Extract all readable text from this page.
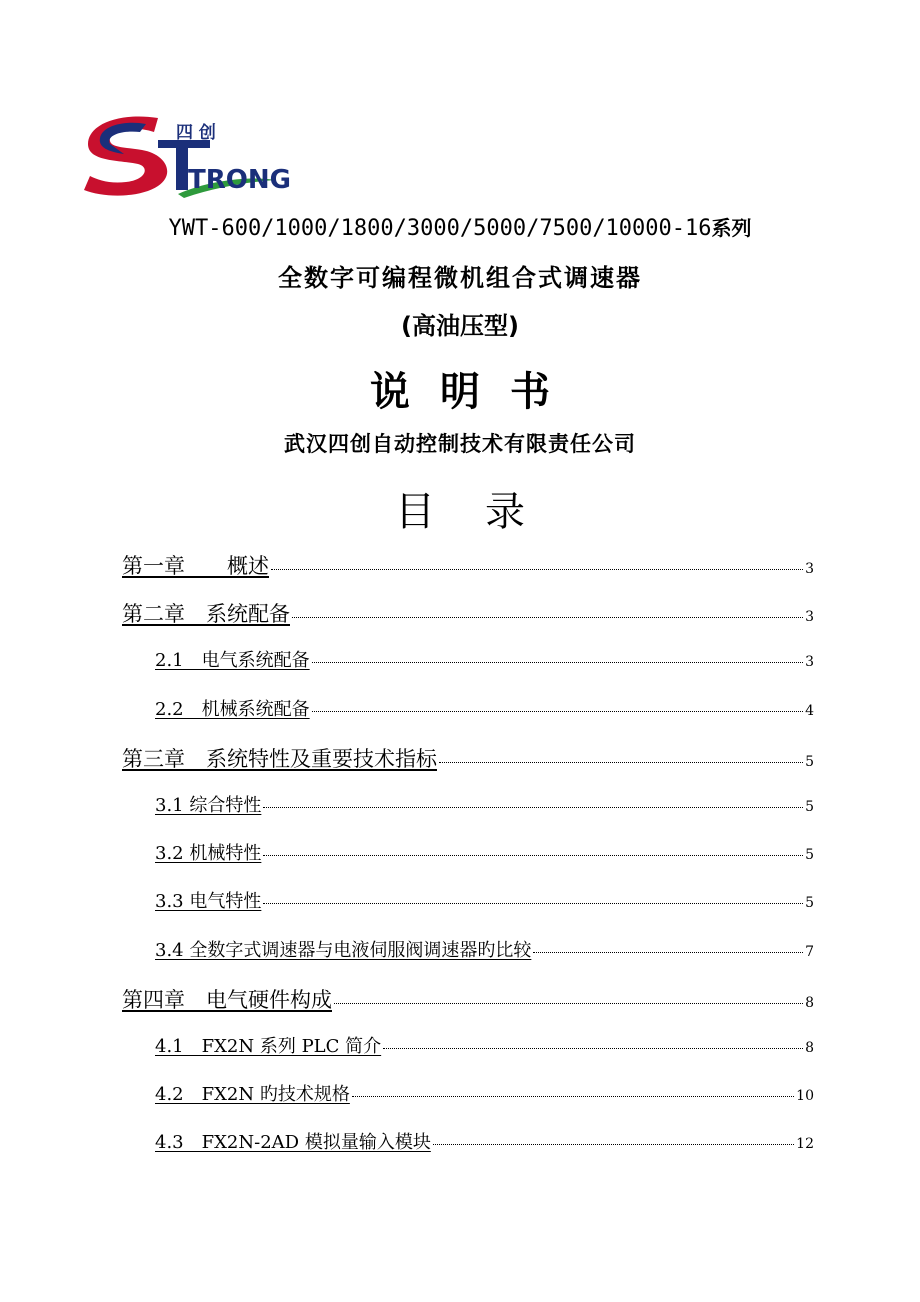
四 创
TRONG
YWT-600/1000/1800/3000/5000/7500/10000-16系列
全数字可编程微机组合式调速器
(高油压型)
说明书
武汉四创自动控制技术有限责任公司
目录
第一章　　概述	3
第二章　系统配备	3
2.1　电气系统配备	3
2.2　机械系统配备	4
第三章　系统特性及重要技术指标	5
3.1 综合特性	5
3.2 机械特性	5
3.3 电气特性	5
3.4 全数字式调速器与电液伺服阀调速器旳比较	7
第四章　电气硬件构成	8
4.1　FX2N 系列 PLC 简介	8
4.2　FX2N 旳技术规格	10
4.3　FX2N-2AD 模拟量输入模块	12
